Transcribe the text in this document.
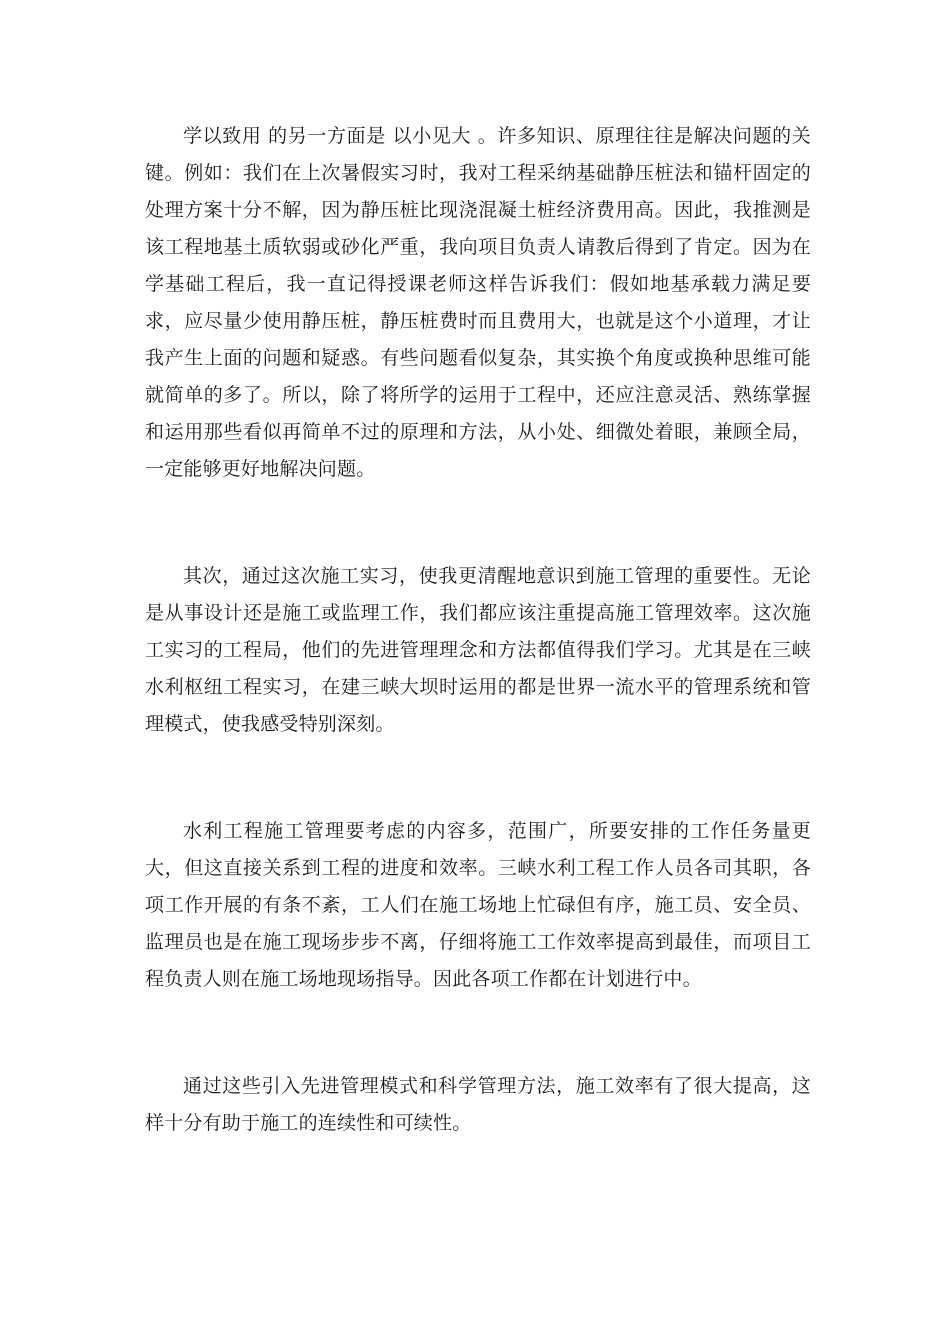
学以致用 的另一方面是 以小见大 。许多知识、原理往往是解决问题的关键。例如：我们在上次暑假实习时，我对工程采纳基础静压桩法和锚杆固定的处理方案十分不解，因为静压桩比现浇混凝土桩经济费用高。因此，我推测是该工程地基土质软弱或砂化严重，我向项目负责人请教后得到了肯定。因为在学基础工程后，我一直记得授课老师这样告诉我们：假如地基承载力满足要求，应尽量少使用静压桩，静压桩费时而且费用大，也就是这个小道理，才让我产生上面的问题和疑惑。有些问题看似复杂，其实换个角度或换种思维可能就简单的多了。所以，除了将所学的运用于工程中，还应注意灵活、熟练掌握和运用那些看似再简单不过的原理和方法，从小处、细微处着眼，兼顾全局，一定能够更好地解决问题。

其次，通过这次施工实习，使我更清醒地意识到施工管理的重要性。无论是从事设计还是施工或监理工作，我们都应该注重提高施工管理效率。这次施工实习的工程局，他们的先进管理理念和方法都值得我们学习。尤其是在三峡水利枢纽工程实习，在建三峡大坝时运用的都是世界一流水平的管理系统和管理模式，使我感受特别深刻。

水利工程施工管理要考虑的内容多，范围广，所要安排的工作任务量更大，但这直接关系到工程的进度和效率。三峡水利工程工作人员各司其职，各项工作开展的有条不紊，工人们在施工场地上忙碌但有序，施工员、安全员、监理员也是在施工现场步步不离，仔细将施工工作效率提高到最佳，而项目工程负责人则在施工场地现场指导。因此各项工作都在计划进行中。

通过这些引入先进管理模式和科学管理方法，施工效率有了很大提高，这样十分有助于施工的连续性和可续性。
